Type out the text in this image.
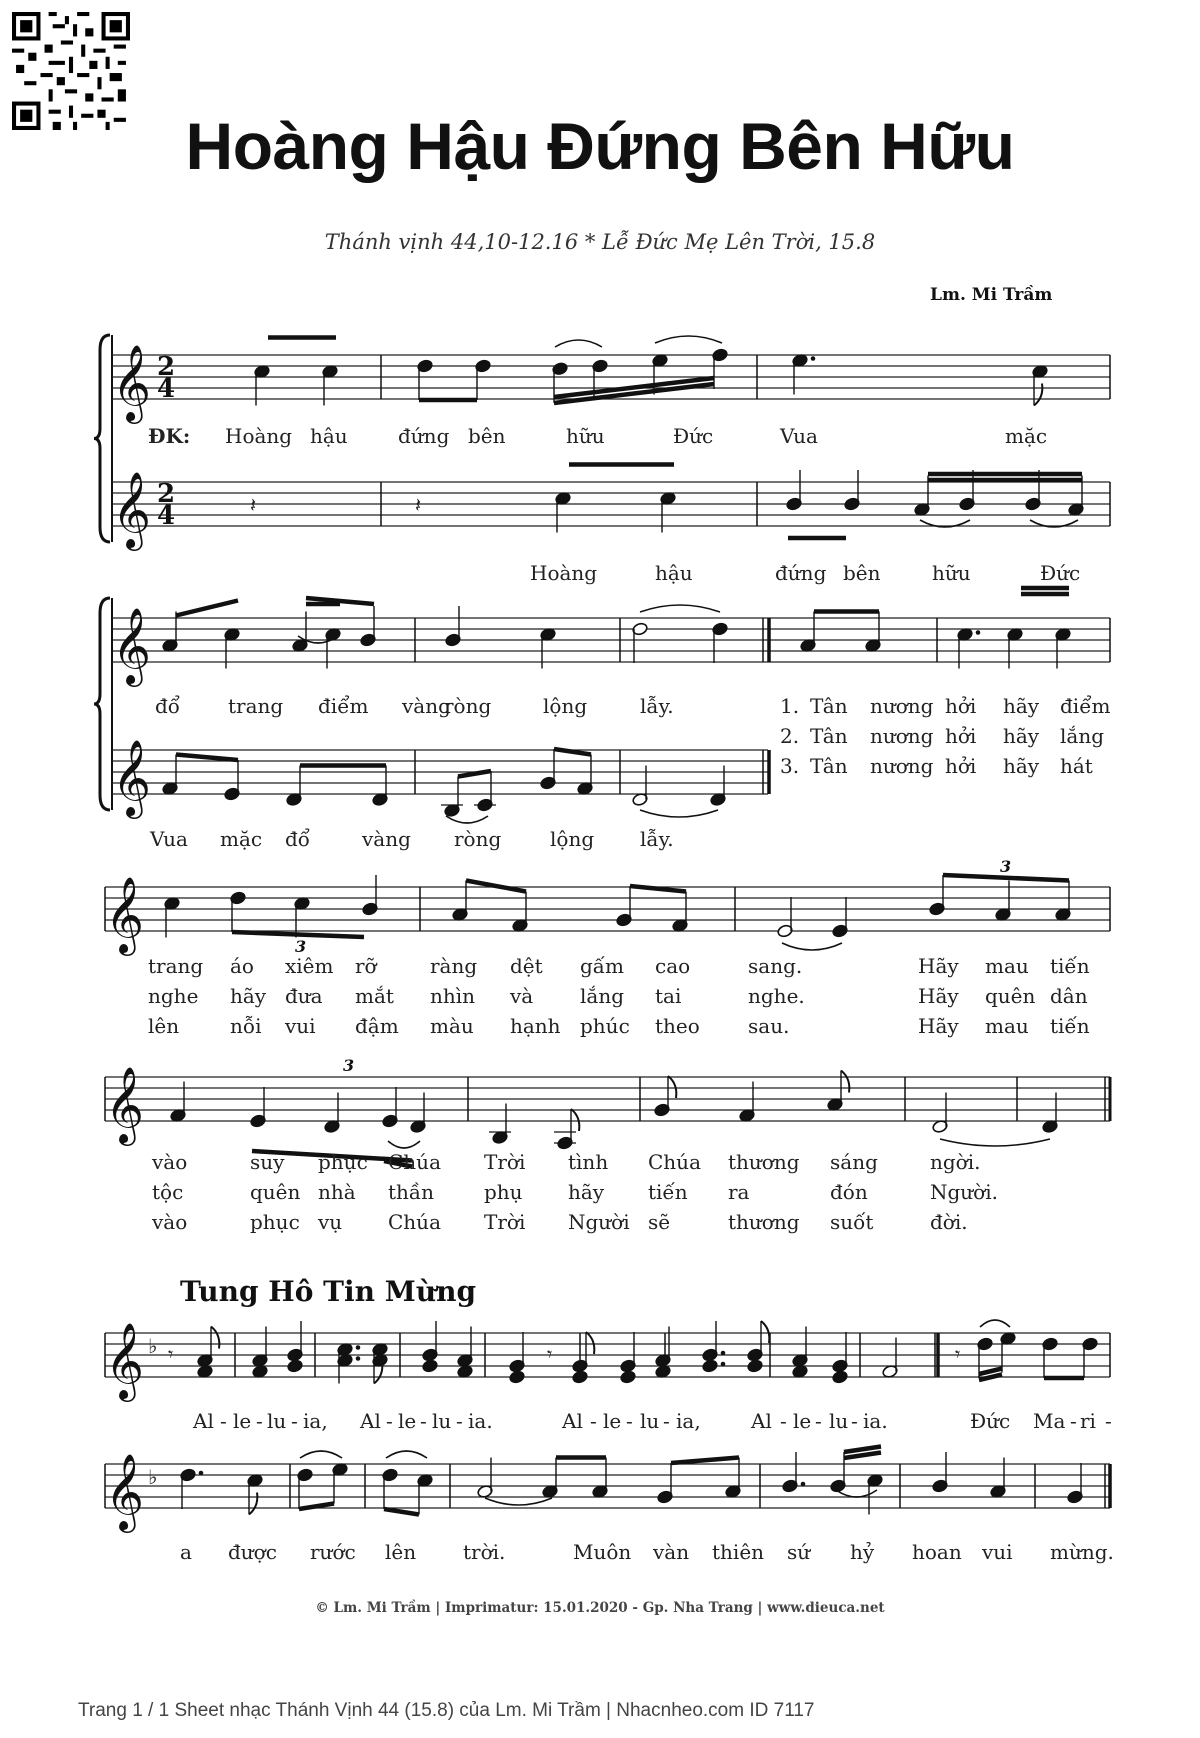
Hoàng Hậu Đứng Bên Hữu
Thánh vịnh 44,10-12.16 * Lễ Đức Mẹ Lên Trời, 15.8
Lm. Mi Trầm
𝄞
𝄞
2
4
2
4	𝄽	𝄽
ĐK: Hoàng hậu	đứng bên	hữu	Đức	Vua	mặc
Hoàng	hậu	đứng bên	hữu	Đức
𝄞
𝄞
đổ trang điểm vàng
ròng	lộng	lẫy.
Vua mặc đổ	vàng ròng lộng lẫy.
1. Tân nương hởi hãy điểm
2. Tân nương hởi hãy lắng
3. Tân nương hởi hãy hát
𝄞	3
3
trang áo xiêm rỡ	ràng dệt gấm cao	sang.	Hãy mau tiến
nghe hãy đưa mắt nhìn và lắng tai	nghe.	Hãy quên dân
lên	nỗi vui đậm màu hạnh phúc theo sau.	Hãy mau tiến
𝄞
3
vào	suy phục Chúa Trời tình Chúa thương sáng	ngời.
tộc	quên nhà thần phụ hãy tiến ra	đón	Người.
vào	phục vụ Chúa Trời Người sẽ	thương suốt	đời.
𝄞 ♭ 𝄾	𝄾	𝄾
Al - le - lu - ia, Al - le - lu - ia.	Al - le - lu - ia,	Al - le - lu - ia.	Đức Ma - ri -
𝄞 ♭
a được rước lên trời.	Muôn vàn thiên sứ hỷ hoan vui mừng.
Tung Hô Tin Mừng
© Lm. Mi Trầm | Imprimatur: 15.01.2020 - Gp. Nha Trang | www.dieuca.net
Trang 1 / 1 Sheet nhạc Thánh Vịnh 44 (15.8) của Lm. Mi Trầm | Nhacnheo.com ID 7117
